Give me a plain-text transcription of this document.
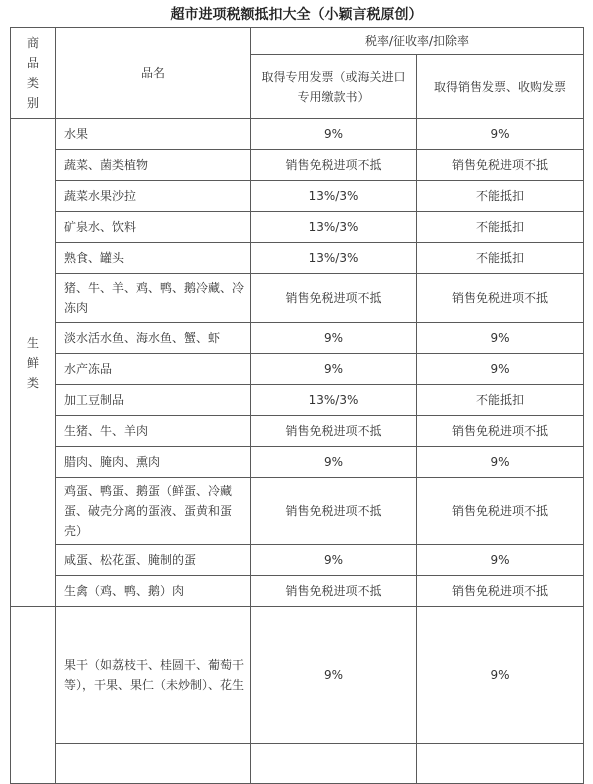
超市进项税额抵扣大全（小颖言税原创）
商品类别	品名	税率/征收率/扣除率	
		取得专用发票（或海关进口专用缴款书）	取得销售发票、收购发票
生鲜类	水果	9%	9%
	蔬菜、菌类植物	销售免税进项不抵	销售免税进项不抵
	蔬菜水果沙拉	13%/3%	不能抵扣
	矿泉水、饮料	13%/3%	不能抵扣
	熟食、罐头	13%/3%	不能抵扣
	猪、牛、羊、鸡、鸭、鹅冷藏、冷冻肉	销售免税进项不抵	销售免税进项不抵
	淡水活水鱼、海水鱼、蟹、虾	9%	9%
	水产冻品	9%	9%
	加工豆制品	13%/3%	不能抵扣
	生猪、牛、羊肉	销售免税进项不抵	销售免税进项不抵
	腊肉、腌肉、熏肉	9%	9%
	鸡蛋、鸭蛋、鹅蛋（鲜蛋、冷藏蛋、破壳分离的蛋液、蛋黄和蛋壳）	销售免税进项不抵	销售免税进项不抵
	咸蛋、松花蛋、腌制的蛋	9%	9%
	生禽（鸡、鸭、鹅）肉	销售免税进项不抵	销售免税进项不抵
	果干（如荔枝干、桂圆干、葡萄干等），干果、果仁（未炒制）、花生	9%	9%
